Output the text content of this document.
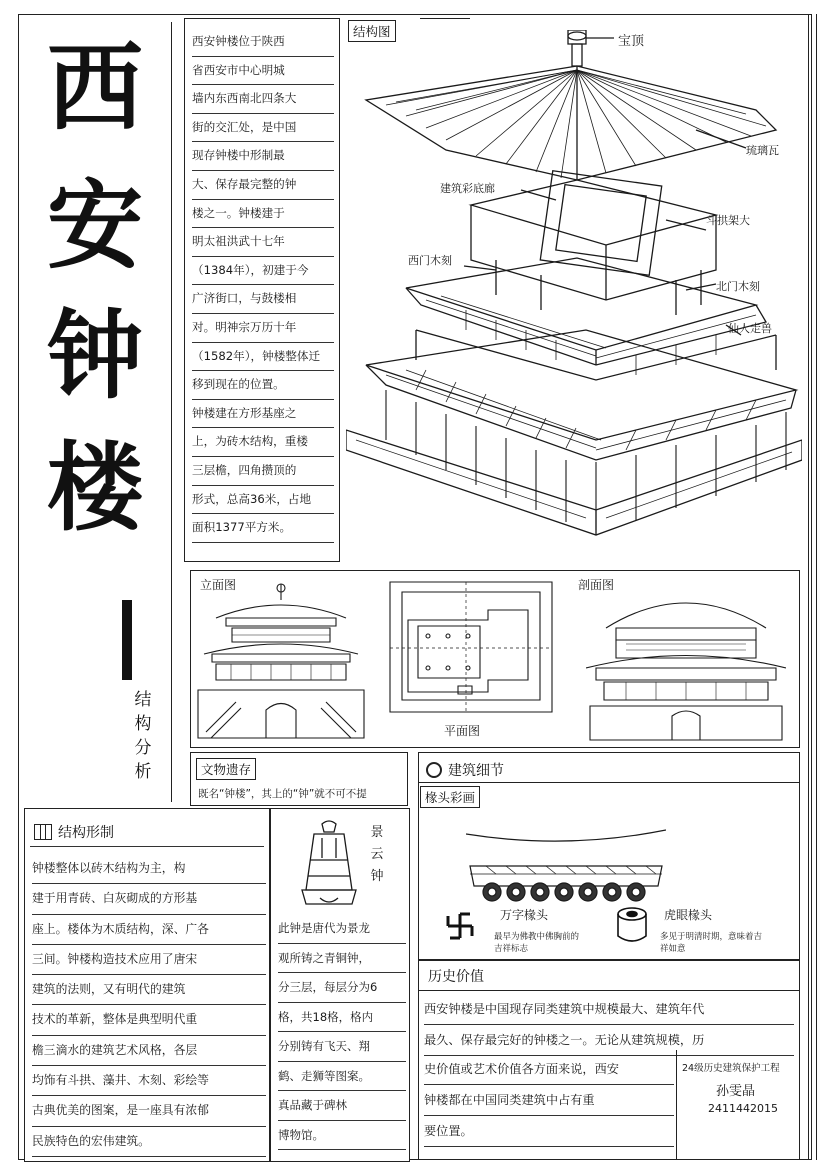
西
安
钟
楼
结
构
分
析
西安钟楼位于陕西
省西安市中心明城
墙内东西南北四条大
街的交汇处，是中国
现存钟楼中形制最
大、保存最完整的钟
楼之一。钟楼建于
明太祖洪武十七年
（1384年），初建于今
广济街口，与鼓楼相
对。明神宗万历十年
（1582年），钟楼整体迁
移到现在的位置。
钟楼建在方形基座之
上，为砖木结构，重楼
三层檐，四角攒顶的
形式，总高36米，占地
面积1377平方米。
结构图
宝顶
琉璃瓦
建筑彩底廊
斗拱架大
西门木刻
北门木刻
仙人走兽
立面图
平面图
剖面图
文物遗存
既名“钟楼”，其上的“钟”就不可不提
景
云
钟
此钟是唐代为景龙
观所铸之青铜钟，
分三层，每层分为6
格，共18格，格内
分别铸有飞天、翔
鹤、走狮等图案。
真品藏于碑林
博物馆。
结构形制
钟楼整体以砖木结构为主，构
建于用青砖、白灰砌成的方形基
座上。楼体为木质结构，深、广各
三间。钟楼构造技术应用了唐宋
建筑的法则，又有明代的建筑
技术的革新，整体是典型明代重
檐三滴水的建筑艺术风格，各层
均饰有斗拱、藻井、木刻、彩绘等
古典优美的图案，是一座具有浓郁
民族特色的宏伟建筑。
建筑细节
椽头彩画
万字椽头
最早为佛教中佛胸前的
吉祥标志
虎眼椽头
多见于明清时期，意味着吉
祥如意
历史价值
西安钟楼是中国现存同类建筑中规模最大、建筑年代
最久、保存最完好的钟楼之一。无论从建筑规模，历
史价值或艺术价值各方面来说，西安
钟楼都在中国同类建筑中占有重
要位置。
24级历史建筑保护工程
孙雯晶
2411442015
